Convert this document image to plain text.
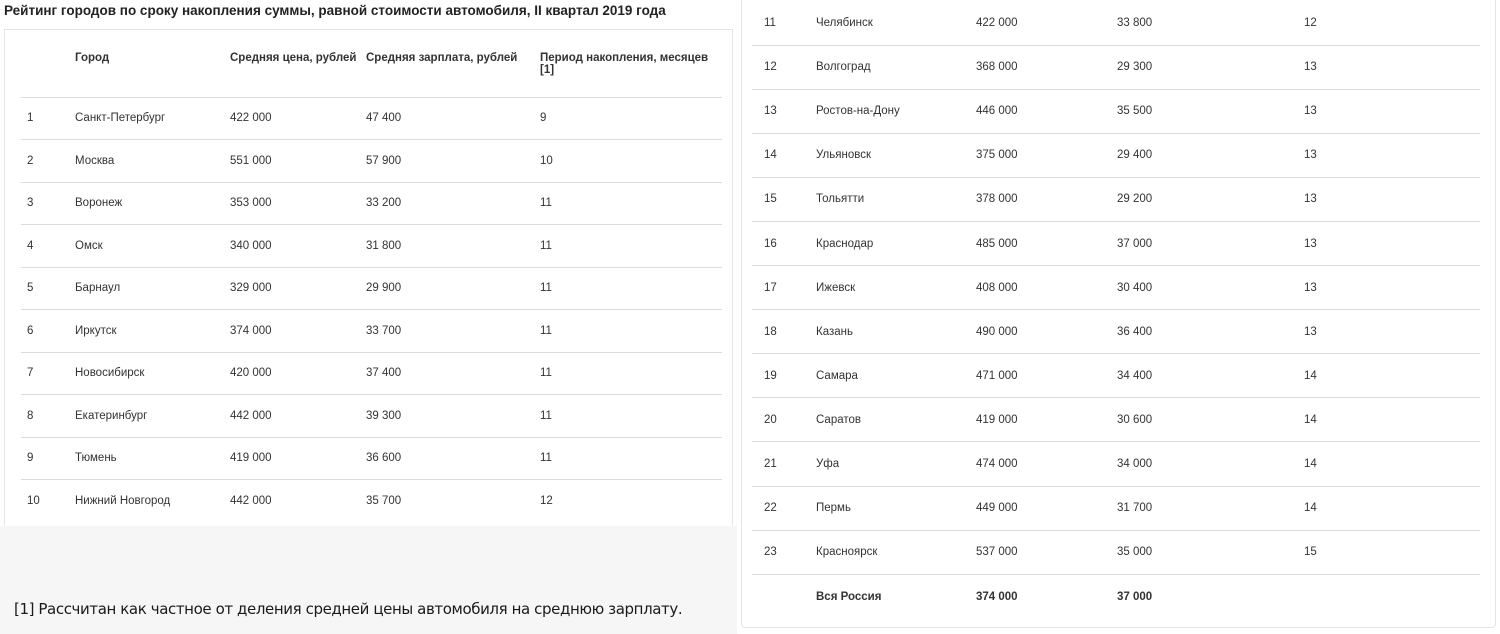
Рейтинг городов по сроку накопления суммы, равной стоимости автомобиля, II квартал 2019 года
	Город	Средняя цена, рублей	Средняя зарплата, рублей	Период накопления, месяцев [1]
1	Санкт-Петербург	422 000	47 400	9
2	Москва	551 000	57 900	10
3	Воронеж	353 000	33 200	11
4	Омск	340 000	31 800	11
5	Барнаул	329 000	29 900	11
6	Иркутск	374 000	33 700	11
7	Новосибирск	420 000	37 400	11
8	Екатеринбург	442 000	39 300	11
9	Тюмень	419 000	36 600	11
10	Нижний Новгород	442 000	35 700	12
[1] Рассчитан как частное от деления средней цены автомобиля на среднюю зарплату.
11	Челябинск	422 000	33 800	12
12	Волгоград	368 000	29 300	13
13	Ростов-на-Дону	446 000	35 500	13
14	Ульяновск	375 000	29 400	13
15	Тольятти	378 000	29 200	13
16	Краснодар	485 000	37 000	13
17	Ижевск	408 000	30 400	13
18	Казань	490 000	36 400	13
19	Самара	471 000	34 400	14
20	Саратов	419 000	30 600	14
21	Уфа	474 000	34 000	14
22	Пермь	449 000	31 700	14
23	Красноярск	537 000	35 000	15
	Вся Россия	374 000	37 000	
